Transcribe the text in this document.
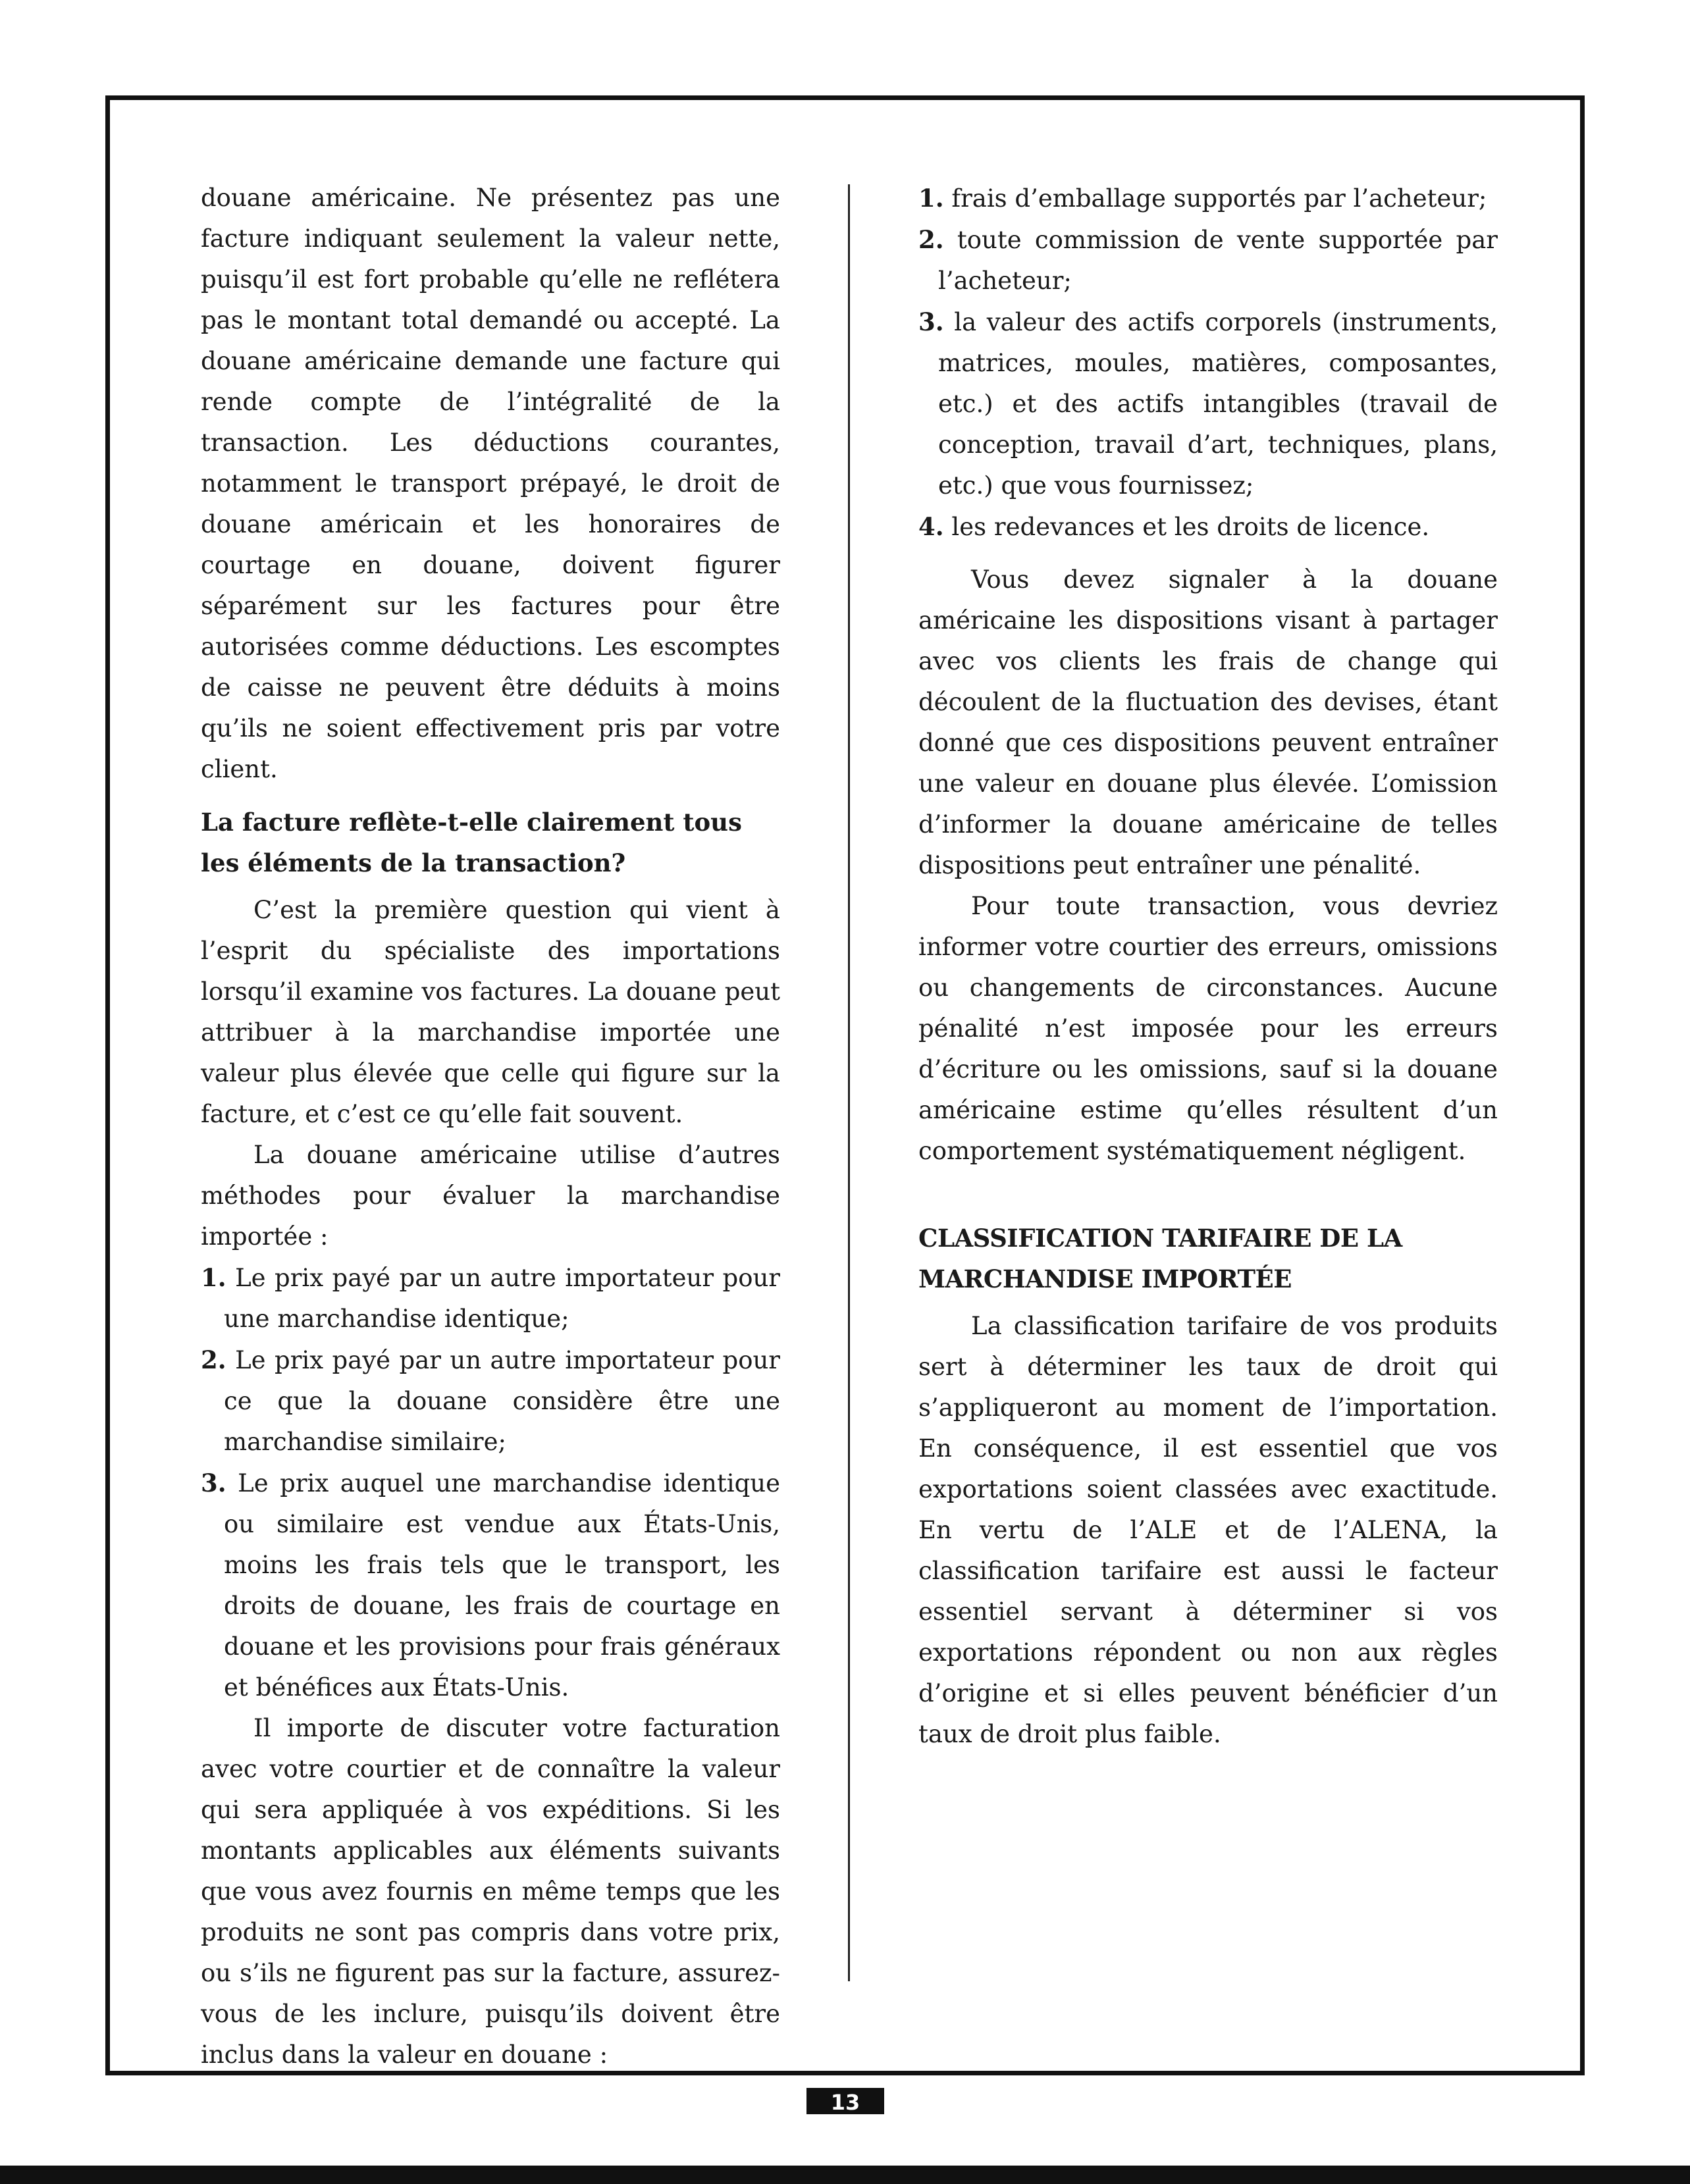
douane américaine. Ne présentez pas une facture indiquant seulement la valeur nette, puisqu’il est fort probable qu’elle ne reflétera pas le montant total demandé ou accepté. La douane américaine demande une facture qui rende compte de l’intégralité de la transaction. Les déductions courantes, notamment le transport prépayé, le droit de douane américain et les honoraires de courtage en douane, doivent figurer séparément sur les factures pour être autorisées comme déductions. Les escomptes de caisse ne peuvent être déduits à moins qu’ils ne soient effectivement pris par votre client.

La facture reflète-t-elle clairement tous les éléments de la transaction?

C’est la première question qui vient à l’esprit du spécialiste des importations lorsqu’il examine vos factures. La douane peut attribuer à la marchandise importée une valeur plus élevée que celle qui figure sur la facture, et c’est ce qu’elle fait souvent.

La douane américaine utilise d’autres méthodes pour évaluer la marchandise importée :

1. Le prix payé par un autre importateur pour une marchandise identique;

2. Le prix payé par un autre importateur pour ce que la douane considère être une marchandise similaire;

3. Le prix auquel une marchandise identique ou similaire est vendue aux États-Unis, moins les frais tels que le transport, les droits de douane, les frais de courtage en douane et les provisions pour frais généraux et bénéfices aux États-Unis.

Il importe de discuter votre facturation avec votre courtier et de connaître la valeur qui sera appliquée à vos expéditions. Si les montants applicables aux éléments suivants que vous avez fournis en même temps que les produits ne sont pas compris dans votre prix, ou s’ils ne figurent pas sur la facture, assurez-vous de les inclure, puisqu’ils doivent être inclus dans la valeur en douane :

1. frais d’emballage supportés par l’acheteur;

2. toute commission de vente supportée par l’acheteur;

3. la valeur des actifs corporels (instruments, matrices, moules, matières, composantes, etc.) et des actifs intangibles (travail de conception, travail d’art, techniques, plans, etc.) que vous fournissez;

4. les redevances et les droits de licence.

Vous devez signaler à la douane américaine les dispositions visant à partager avec vos clients les frais de change qui découlent de la fluctuation des devises, étant donné que ces dispositions peuvent entraîner une valeur en douane plus élevée. L’omission d’informer la douane américaine de telles dispositions peut entraîner une pénalité.

Pour toute transaction, vous devriez informer votre courtier des erreurs, omissions ou changements de circonstances. Aucune pénalité n’est imposée pour les erreurs d’écriture ou les omissions, sauf si la douane américaine estime qu’elles résultent d’un comportement systématiquement négligent.

CLASSIFICATION TARIFAIRE DE LA MARCHANDISE IMPORTÉE

La classification tarifaire de vos produits sert à déterminer les taux de droit qui s’appliqueront au moment de l’importation. En conséquence, il est essentiel que vos exportations soient classées avec exactitude. En vertu de l’ALE et de l’ALENA, la classification tarifaire est aussi le facteur essentiel servant à déterminer si vos exportations répondent ou non aux règles d’origine et si elles peuvent bénéficier d’un taux de droit plus faible.

13
